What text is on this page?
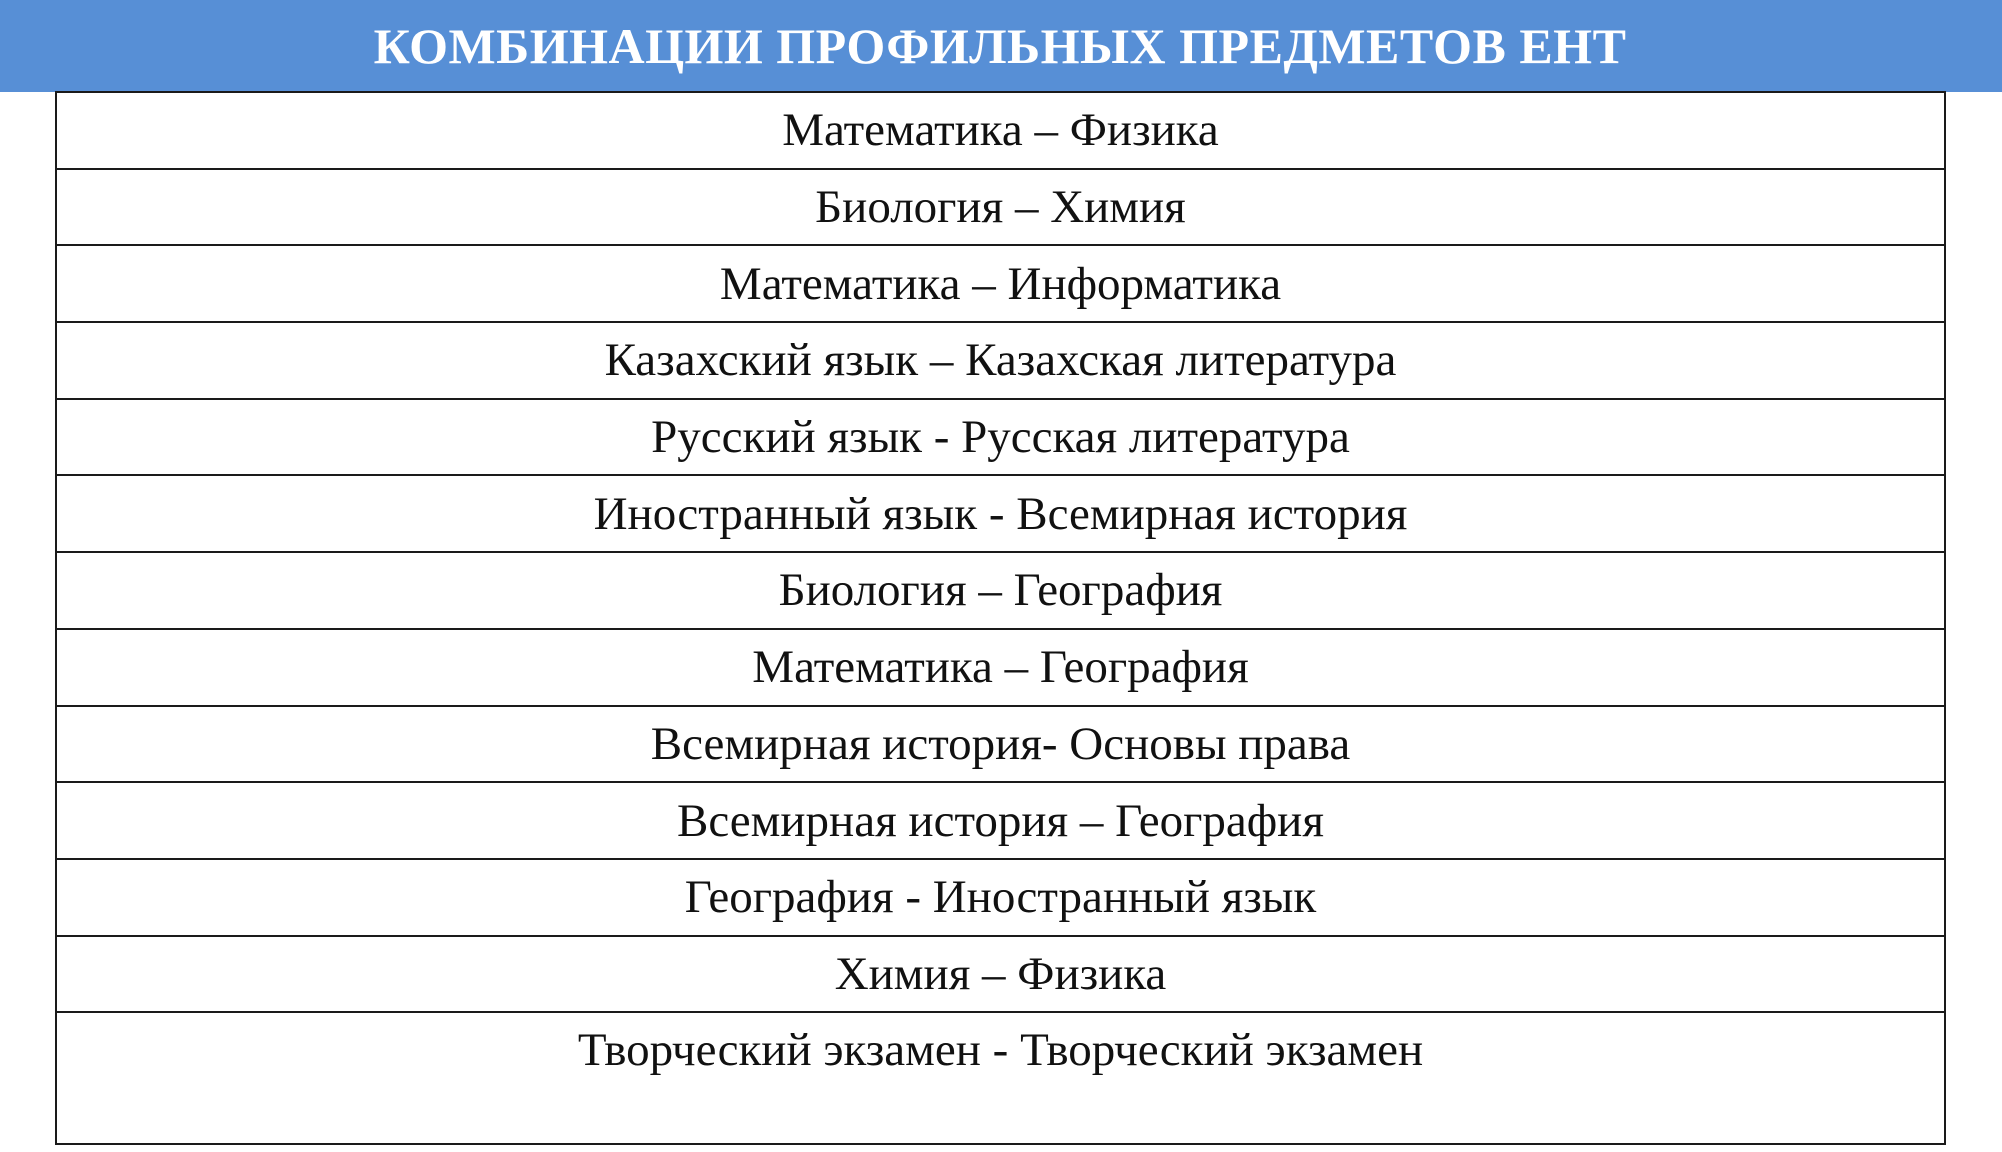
КОМБИНАЦИИ ПРОФИЛЬНЫХ ПРЕДМЕТОВ ЕНТ
Математика – Физика
Биология – Химия
Математика – Информатика
Казахский язык – Казахская литература
Русский язык - Русская литература
Иностранный язык - Всемирная история
Биология – География
Математика – География
Всемирная история- Основы права
Всемирная история – География
География - Иностранный язык
Химия – Физика
Творческий экзамен - Творческий экзамен
